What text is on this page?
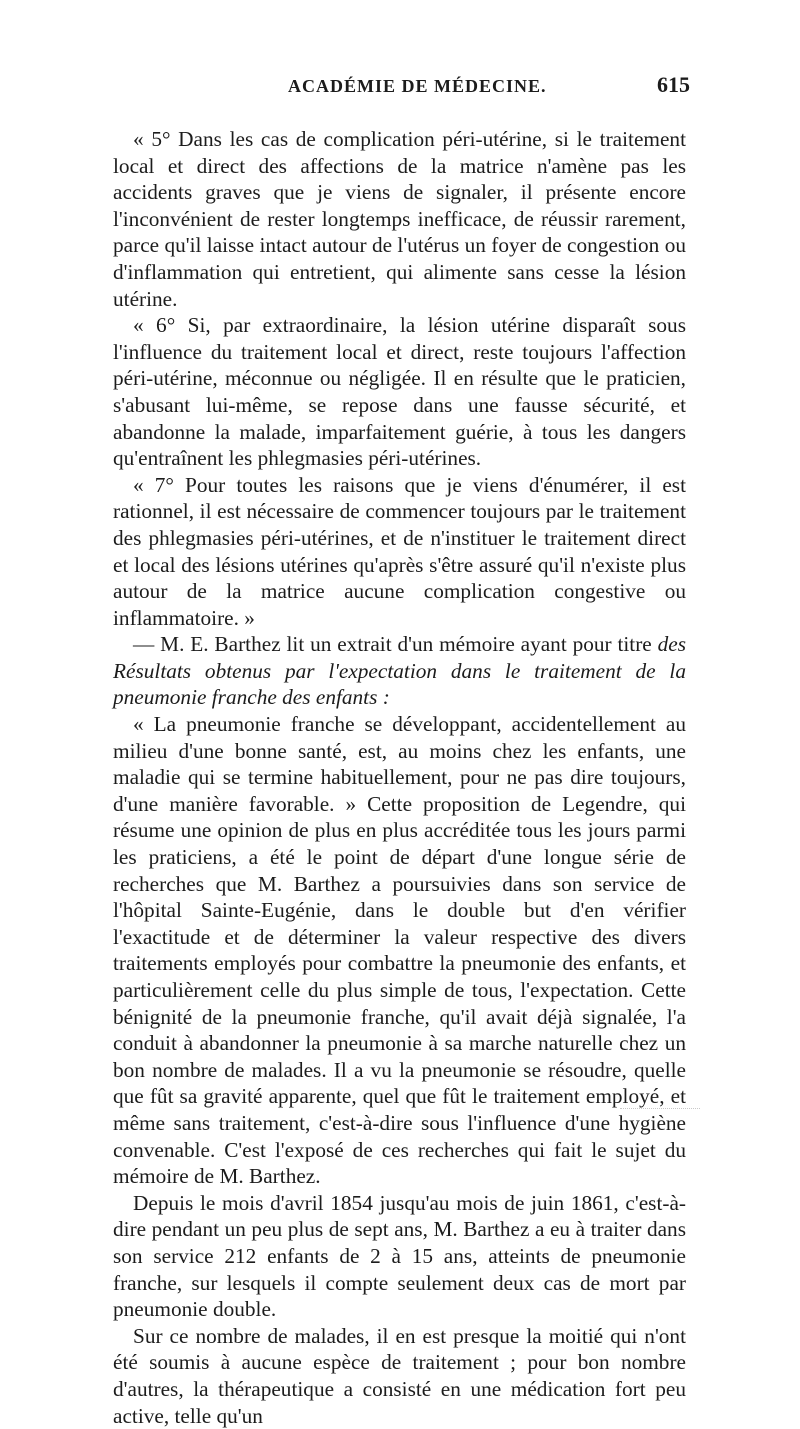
ACADÉMIE DE MÉDECINE.	615

« 5° Dans les cas de complication péri-utérine, si le traitement local et direct des affections de la matrice n'amène pas les accidents graves que je viens de signaler, il présente encore l'inconvénient de rester longtemps inefficace, de réussir rarement, parce qu'il laisse intact autour de l'utérus un foyer de congestion ou d'inflammation qui entretient, qui alimente sans cesse la lésion utérine.

« 6° Si, par extraordinaire, la lésion utérine disparaît sous l'influence du traitement local et direct, reste toujours l'affection péri-utérine, méconnue ou négligée. Il en résulte que le praticien, s'abusant lui-même, se repose dans une fausse sécurité, et abandonne la malade, imparfaitement guérie, à tous les dangers qu'entraînent les phlegmasies péri-utérines.

« 7° Pour toutes les raisons que je viens d'énumérer, il est rationnel, il est nécessaire de commencer toujours par le traitement des phlegmasies péri-utérines, et de n'instituer le traitement direct et local des lésions utérines qu'après s'être assuré qu'il n'existe plus autour de la matrice aucune complication congestive ou inflammatoire. »

— M. E. Barthez lit un extrait d'un mémoire ayant pour titre des Résultats obtenus par l'expectation dans le traitement de la pneumonie franche des enfants :

« La pneumonie franche se développant, accidentellement au milieu d'une bonne santé, est, au moins chez les enfants, une maladie qui se termine habituellement, pour ne pas dire toujours, d'une manière favorable. » Cette proposition de Legendre, qui résume une opinion de plus en plus accréditée tous les jours parmi les praticiens, a été le point de départ d'une longue série de recherches que M. Barthez a poursuivies dans son service de l'hôpital Sainte-Eugénie, dans le double but d'en vérifier l'exactitude et de déterminer la valeur respective des divers traitements employés pour combattre la pneumonie des enfants, et particulièrement celle du plus simple de tous, l'expectation. Cette bénignité de la pneumonie franche, qu'il avait déjà signalée, l'a conduit à abandonner la pneumonie à sa marche naturelle chez un bon nombre de malades. Il a vu la pneumonie se résoudre, quelle que fût sa gravité apparente, quel que fût le traitement employé, et même sans traitement, c'est-à-dire sous l'influence d'une hygiène convenable. C'est l'exposé de ces recherches qui fait le sujet du mémoire de M. Barthez.

Depuis le mois d'avril 1854 jusqu'au mois de juin 1861, c'est-à-dire pendant un peu plus de sept ans, M. Barthez a eu à traiter dans son service 212 enfants de 2 à 15 ans, atteints de pneumonie franche, sur lesquels il compte seulement deux cas de mort par pneumonie double.

Sur ce nombre de malades, il en est presque la moitié qui n'ont été soumis à aucune espèce de traitement ; pour bon nombre d'autres, la thérapeutique a consisté en une médication fort peu active, telle qu'un
